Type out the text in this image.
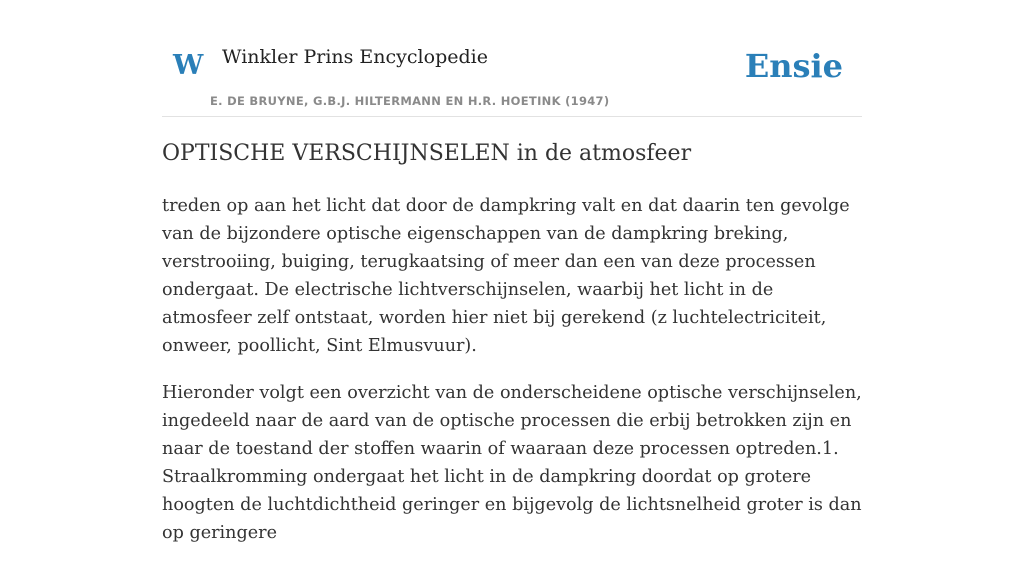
W Winkler Prins Encyclopedie
E. DE BRUYNE, G.B.J. HILTERMANN EN H.R. HOETINK (1947)
Ensie
OPTISCHE VERSCHIJNSELEN in de atmosfeer

treden op aan het licht dat door de dampkring valt en dat daarin ten gevolge van de bijzondere optische eigenschappen van de dampkring breking, verstrooiing, buiging, terugkaatsing of meer dan een van deze processen ondergaat. De electrische lichtverschijnselen, waarbij het licht in de atmosfeer zelf ontstaat, worden hier niet bij gerekend (z luchtelectriciteit, onweer, poollicht, Sint Elmusvuur).

Hieronder volgt een overzicht van de onderscheidene optische verschijnselen, ingedeeld naar de aard van de optische processen die erbij betrokken zijn en naar de toestand der stoffen waarin of waaraan deze processen optreden.1. Straalkromming ondergaat het licht in de dampkring doordat op grotere hoogten de luchtdichtheid geringer en bijgevolg de lichtsnelheid groter is dan op geringere
